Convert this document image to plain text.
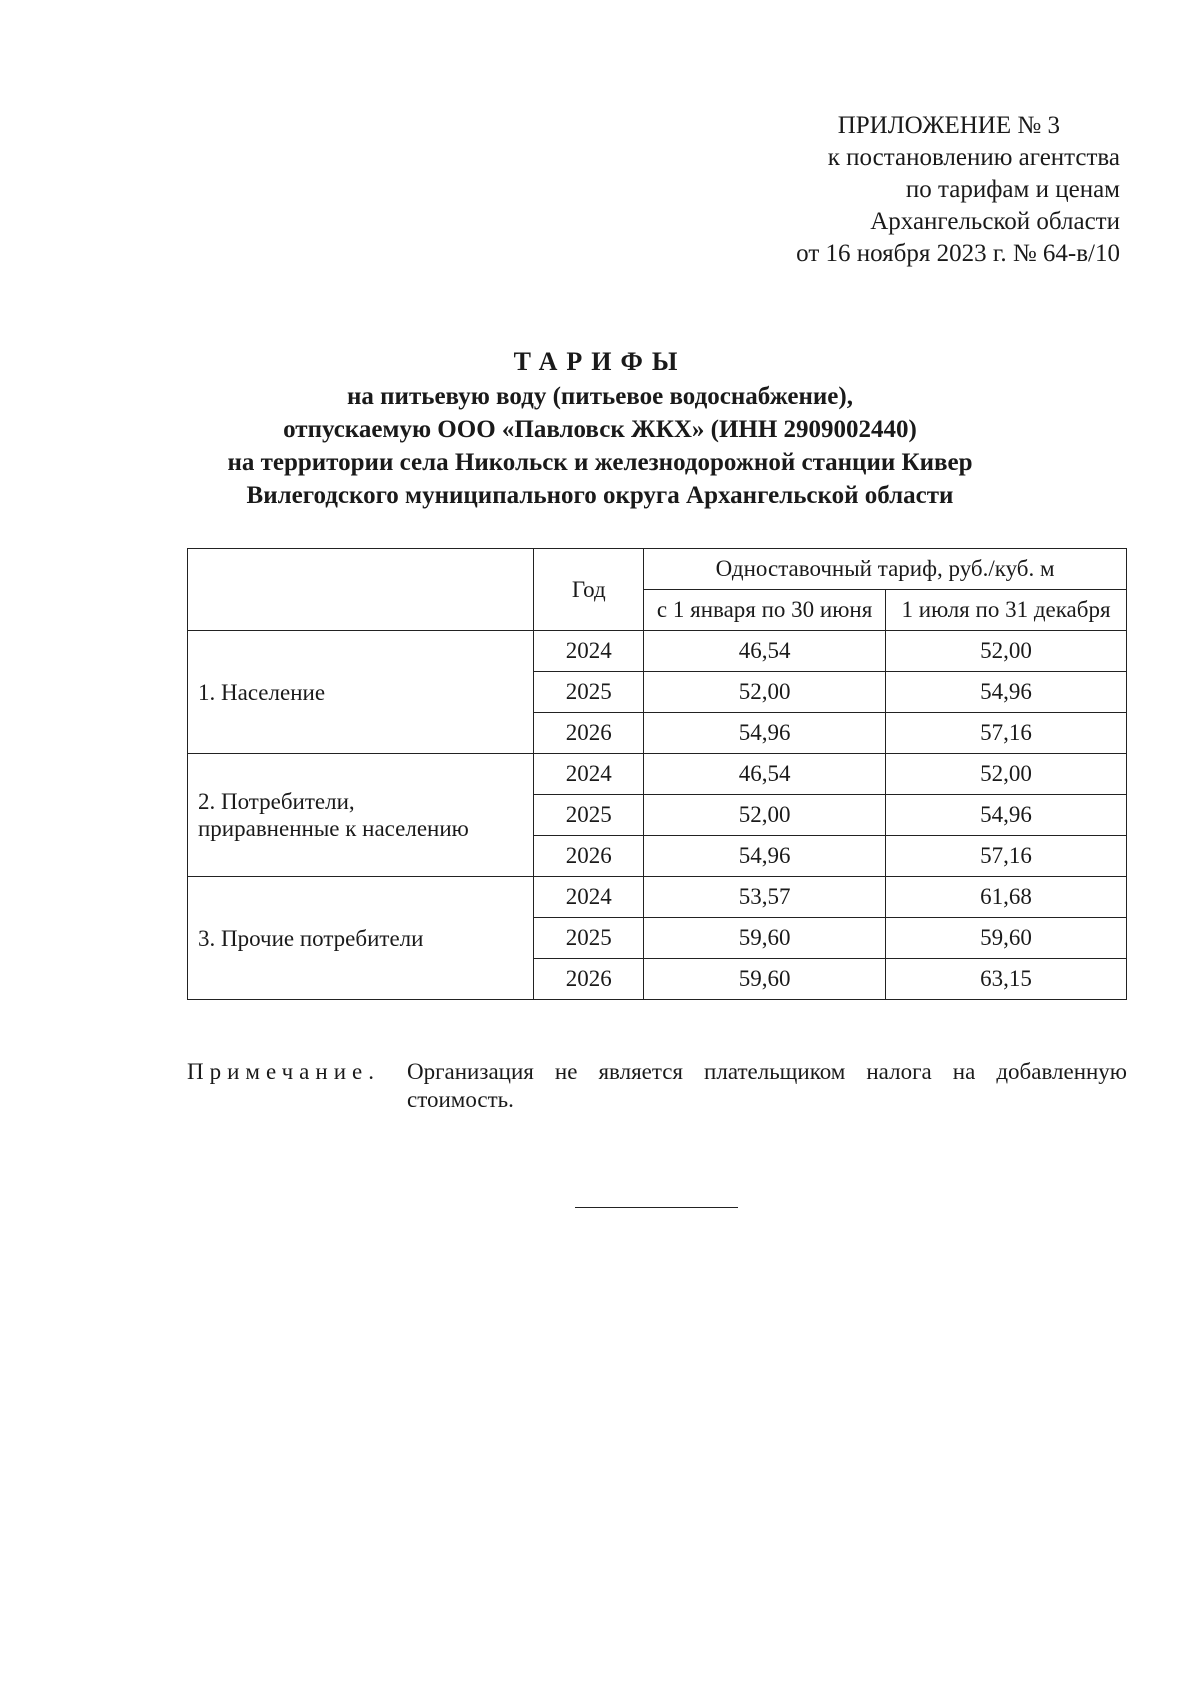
ПРИЛОЖЕНИЕ № 3
к постановлению агентства
по тарифам и ценам
Архангельской области
от 16 ноября 2023 г. № 64-в/10
ТАРИФЫ
на питьевую воду (питьевое водоснабжение),
отпускаемую ООО «Павловск ЖКХ» (ИНН 2909002440)
на территории села Никольск и железнодорожной станции Кивер
Вилегодского муниципального округа Архангельской области
	Год	Одноставочный тариф, руб./куб. м	
		с 1 января по 30 июня	1 июля по 31 декабря
1. Население	2024	46,54	52,00
	2025	52,00	54,96
	2026	54,96	57,16

2. Потребители,
приравненные к населению	2024	46,54	52,00
	2025	52,00	54,96
	2026	54,96	57,16
3. Прочие потребители	2024	53,57	61,68
	2025	59,60	59,60
	2026	59,60	63,15
Примечание.	Организация не является плательщиком налога на добавленную стоимость.
